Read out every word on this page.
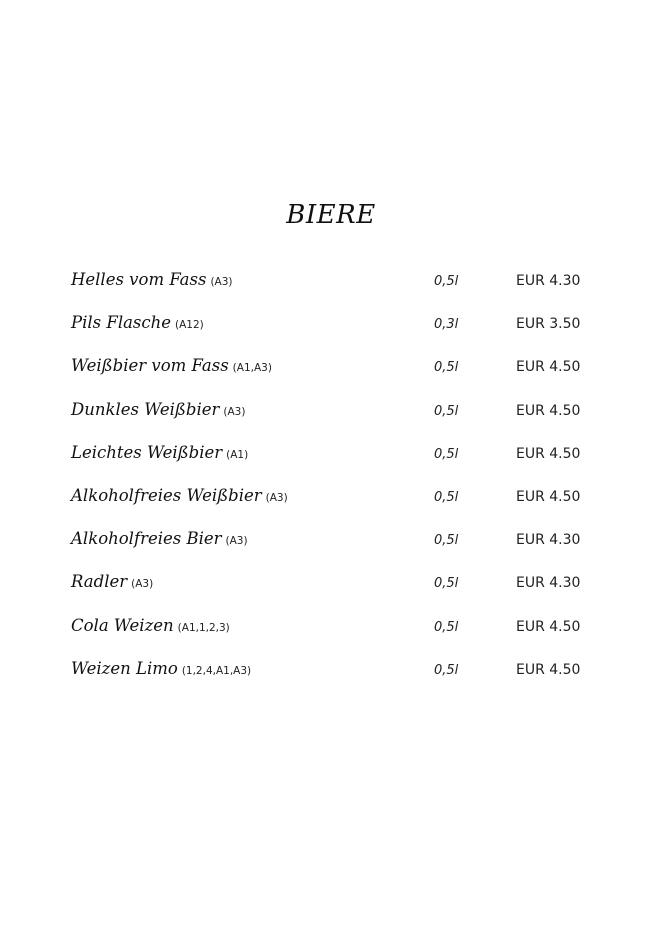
BIERE
Helles vom Fass (A3)	0,5l	EUR 4.30
Pils Flasche (A12)	0,3l	EUR 3.50
Weißbier vom Fass (A1,A3)	0,5l	EUR 4.50
Dunkles Weißbier (A3)	0,5l	EUR 4.50
Leichtes Weißbier (A1)	0,5l	EUR 4.50
Alkoholfreies Weißbier (A3)	0,5l	EUR 4.50
Alkoholfreies Bier (A3)	0,5l	EUR 4.30
Radler (A3)	0,5l	EUR 4.30
Cola Weizen (A1,1,2,3)	0,5l	EUR 4.50
Weizen Limo (1,2,4,A1,A3)	0,5l	EUR 4.50
